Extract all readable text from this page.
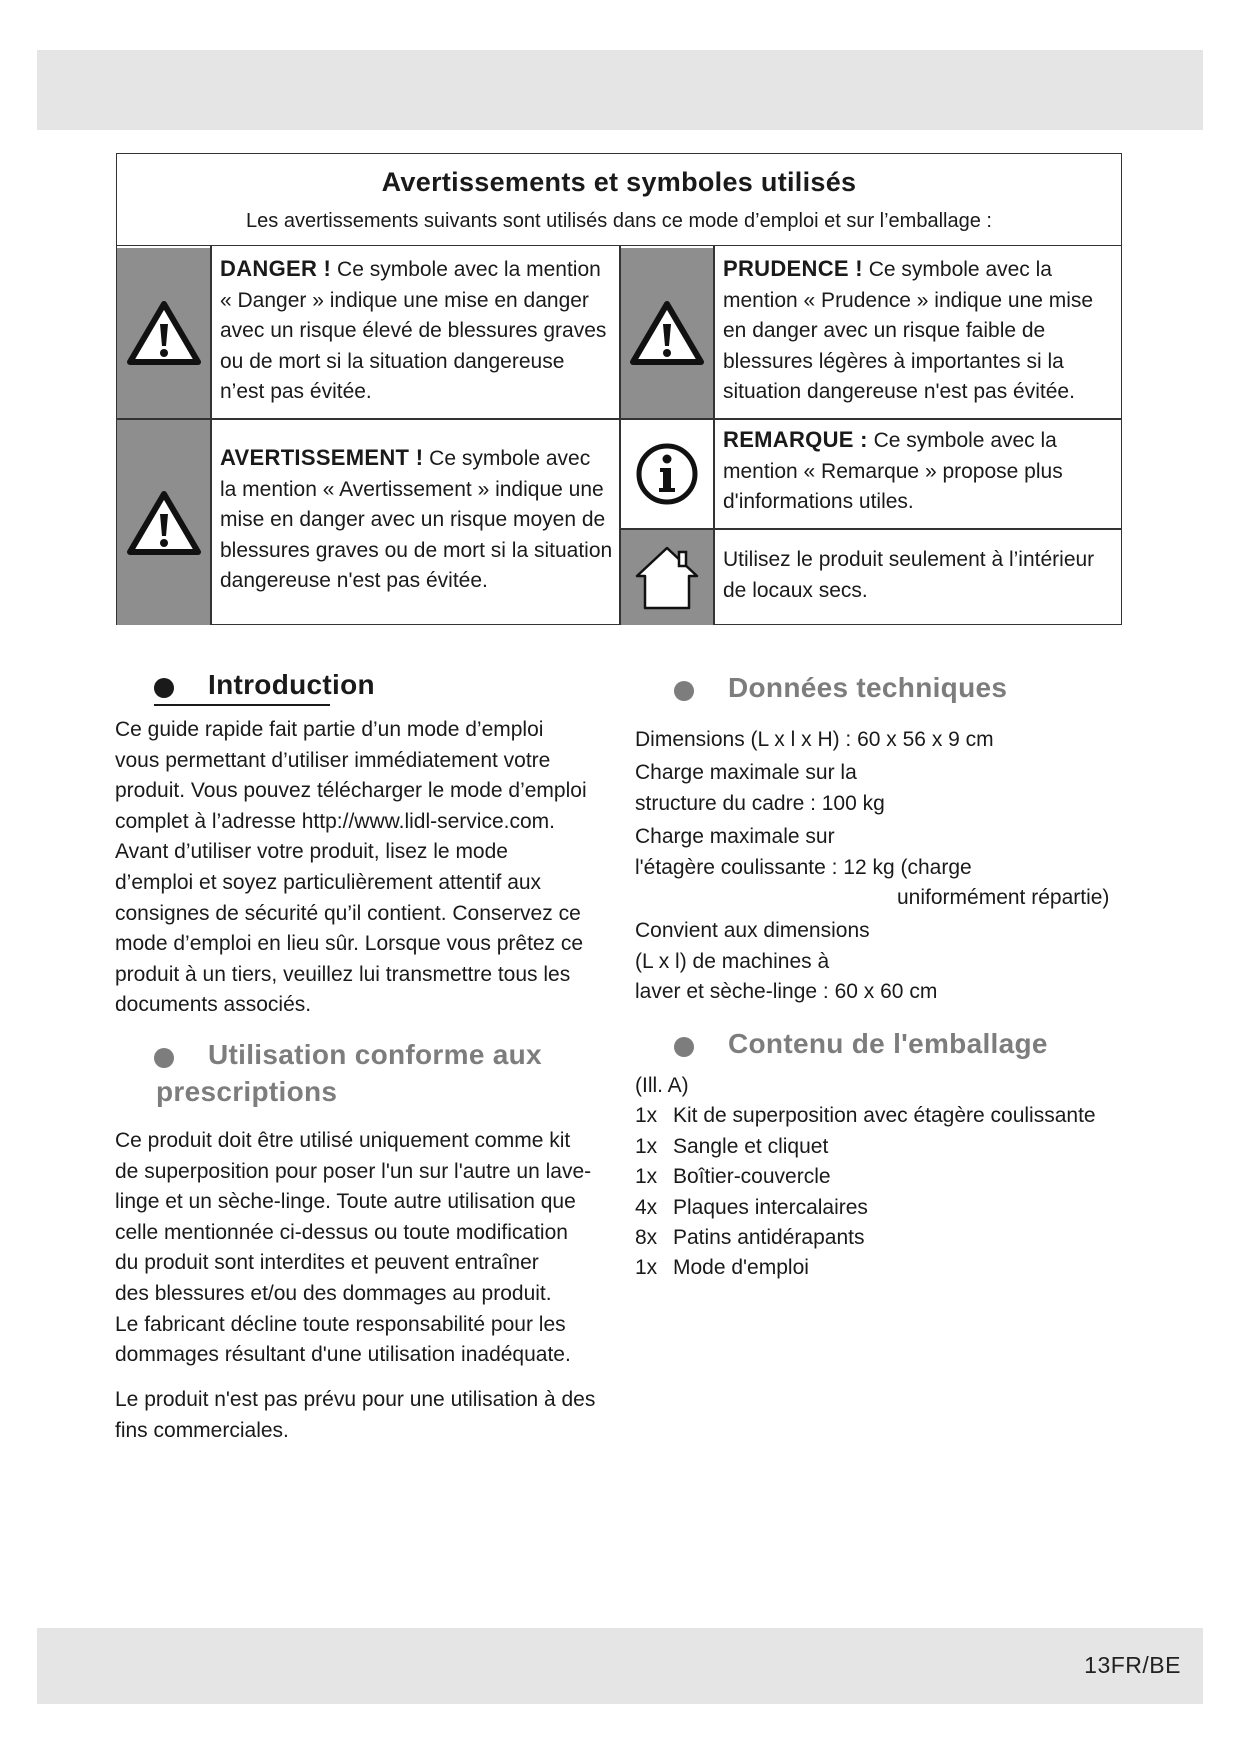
Avertissements et symboles utilisés
Les avertissements suivants sont utilisés dans ce mode d’emploi et sur l’emballage :
DANGER ! Ce symbole avec la mention
« Danger » indique une mise en danger
avec un risque élevé de blessures graves
ou de mort si la situation dangereuse
n’est pas évitée.
PRUDENCE ! Ce symbole avec la
mention « Prudence » indique une mise
en danger avec un risque faible de
blessures légères à importantes si la
situation dangereuse n'est pas évitée.
AVERTISSEMENT ! Ce symbole avec
la mention « Avertissement » indique une
mise en danger avec un risque moyen de
blessures graves ou de mort si la situation
dangereuse n'est pas évitée.
REMARQUE : Ce symbole avec la
mention « Remarque » propose plus
d'informations utiles.
Utilisez le produit seulement à l’intérieur
de locaux secs.
Introduction
Ce guide rapide fait partie d’un mode d’emploi
vous permettant d’utiliser immédiatement votre
produit. Vous pouvez télécharger le mode d’emploi
complet à l’adresse http://www.lidl-service.com.
Avant d’utiliser votre produit, lisez le mode
d’emploi et soyez particulièrement attentif aux
consignes de sécurité qu’il contient. Conservez ce
mode d’emploi en lieu sûr. Lorsque vous prêtez ce
produit à un tiers, veuillez lui transmettre tous les
documents associés.
Utilisation conforme aux
prescriptions
Ce produit doit être utilisé uniquement comme kit
de superposition pour poser l'un sur l'autre un lave-
linge et un sèche-linge. Toute autre utilisation que
celle mentionnée ci-dessus ou toute modification
du produit sont interdites et peuvent entraîner
des blessures et/ou des dommages au produit.
Le fabricant décline toute responsabilité pour les
dommages résultant d'une utilisation inadéquate.
Le produit n'est pas prévu pour une utilisation à des
fins commerciales.
Données techniques
Dimensions (L x l x H) : 60 x 56 x 9 cm
Charge maximale sur la
structure du cadre : 100 kg
Charge maximale sur
l'étagère coulissante : 12 kg (charge
uniformément répartie)
Convient aux dimensions
(L x l) de machines à
laver et sèche-linge : 60 x 60 cm
Contenu de l'emballage
(Ill. A)
1x Kit de superposition avec étagère coulissante
1x Sangle et cliquet
1x Boîtier-couvercle
4x Plaques intercalaires
8x Patins antidérapants
1x Mode d'emploi
13FR/BE
